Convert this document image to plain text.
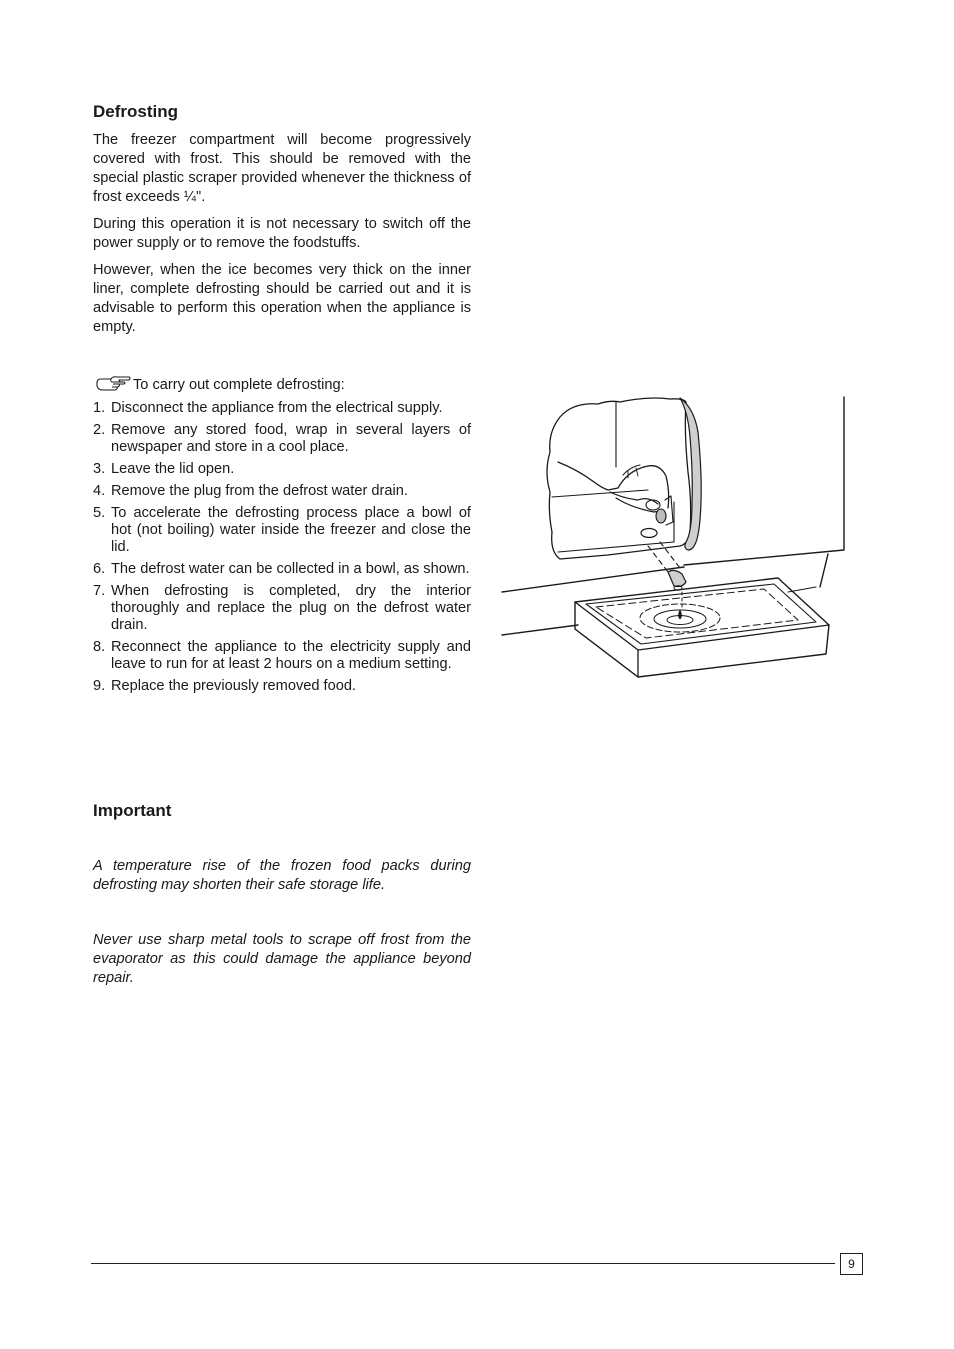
Defrosting

The freezer compartment will become progressively covered with frost. This should be removed with the special plastic scraper provided whenever the thickness of frost exceeds ¼".

During this operation it is not necessary to switch off the power supply or to remove the foodstuffs.

However, when the ice becomes very thick on the inner liner, complete defrosting should be carried out and it is advisable to perform this operation when the appliance is empty.

To carry out complete defrosting:
1. Disconnect the appliance from the electrical supply.
2. Remove any stored food, wrap in several layers of newspaper and store in a cool place.
3. Leave the lid open.
4. Remove the plug from the defrost water drain.
5. To accelerate the defrosting process place a bowl of hot (not boiling) water inside the freezer and close the lid.
6. The defrost water can be collected in a bowl, as shown.
7. When defrosting is completed, dry the interior thoroughly and replace the plug on the defrost water drain.
8. Reconnect the appliance to the electricity supply and leave to run for at least 2 hours on a medium setting.
9. Replace the previously removed food.
Important

A temperature rise of the frozen food packs during defrosting may shorten their safe storage life.

Never use sharp metal tools to scrape off frost from the evaporator as this could damage the appliance beyond repair.

9
